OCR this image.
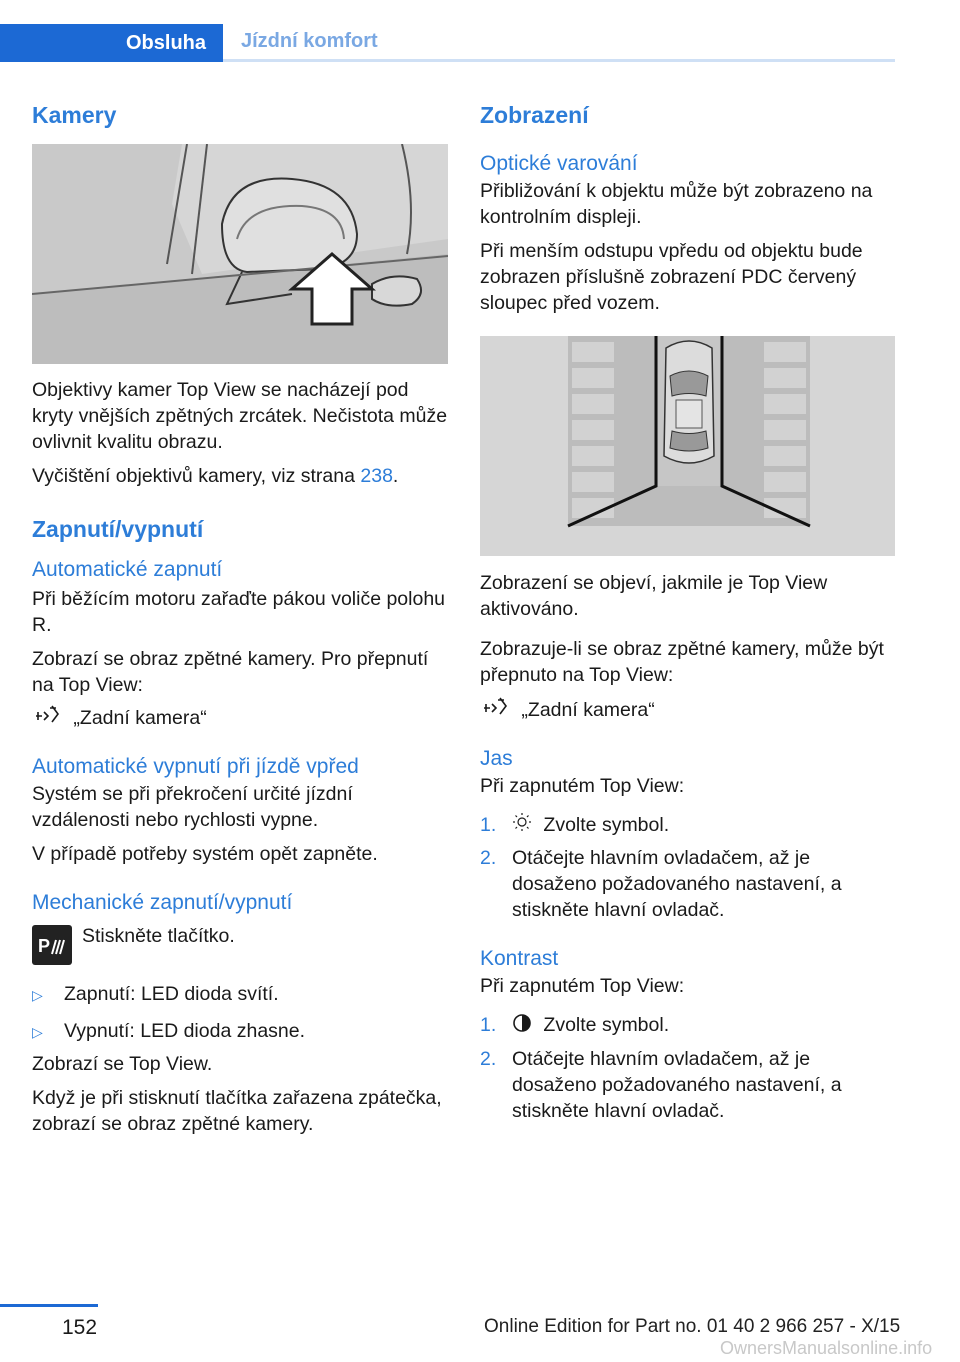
Obsluha	Jízdní komfort
Kamery

Objektivy kamer Top View se nacházejí pod kryty vnějších zpětných zrcátek. Nečistota může ovlivnit kvalitu obrazu.

Vyčištění objektivů kamery, viz strana 238.

Zapnutí/vypnutí
Automatické zapnutí

Při běžícím motoru zařaďte pákou voliče polohu R.

Zobrazí se obraz zpětné kamery. Pro přepnutí na Top View:

„Zadní kamera“

Automatické vypnutí při jízdě vpřed

Systém se při překročení určité jízdní vzdálenosti nebo rychlosti vypne.

V případě potřeby systém opět zapněte.

Mechanické zapnutí/vypnutí
P Stiskněte tlačítko.

▷	Zapnutí: LED dioda svítí.
▷	Vypnutí: LED dioda zhasne.

Zobrazí se Top View.

Když je při stisknutí tlačítka zařazena zpátečka, zobrazí se obraz zpětné kamery.

Zobrazení
Optické varování

Přibližování k objektu může být zobrazeno na kontrolním displeji.

Při menším odstupu vpředu od objektu bude zobrazen příslušně zobrazení PDC červený sloupec před vozem.

Zobrazení se objeví, jakmile je Top View aktivováno.

Zobrazuje-li se obraz zpětné kamery, může být přepnuto na Top View:

„Zadní kamera“

Jas

Při zapnutém Top View:

1.	Zvolte symbol.
2. Otáčejte hlavním ovladačem, až je dosaženo požadovaného nastavení, a stiskněte hlavní ovladač.
Kontrast

Při zapnutém Top View:

1.	Zvolte symbol.
2. Otáčejte hlavním ovladačem, až je dosaženo požadovaného nastavení, a stiskněte hlavní ovladač.
152	Online Edition for Part no. 01 40 2 966 257 - X/15
OwnersManualsonline.info
